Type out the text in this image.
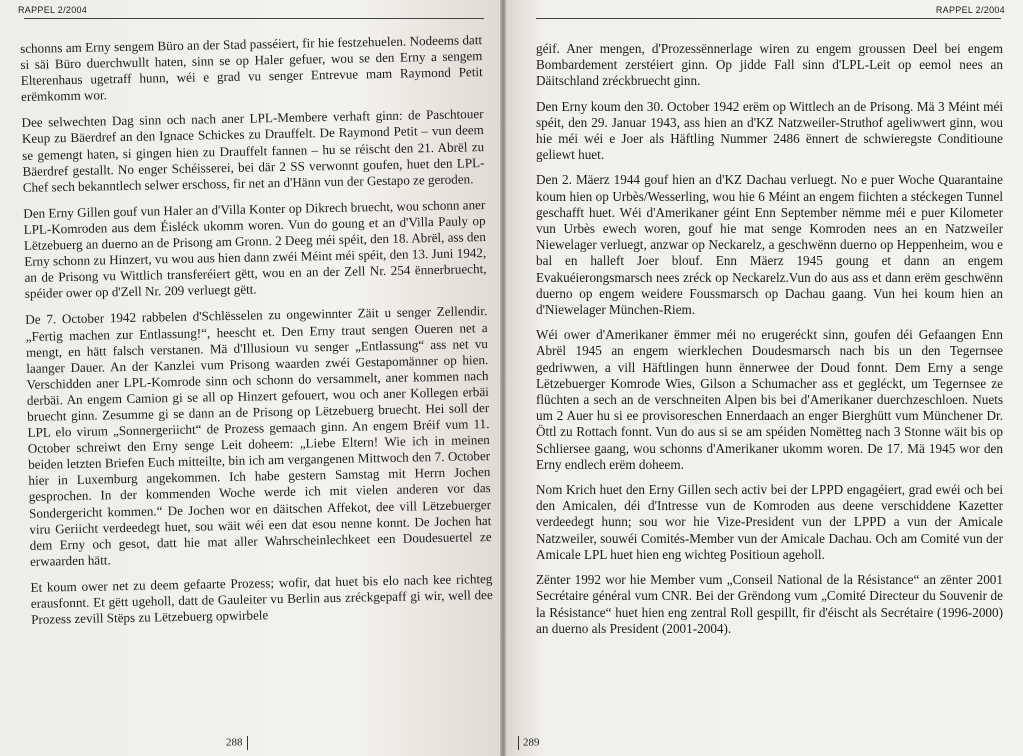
RAPPEL 2/2004

schonns am Erny sengem Büro an der Stad passéiert, fir hie festzehuelen. Nodeems datt si säi Büro duerchwullt haten, sinn se op Haler gefuer, wou se den Erny a sengem Elterenhaus ugetraff hunn, wéi e grad vu senger Entrevue mam Raymond Petit erëmkomm wor.

Dee selwechten Dag sinn och nach aner LPL-Membere verhaft ginn: de Paschtouer Keup zu Bäerdref an den Ignace Schickes zu Drauffelt. De Raymond Petit – vun deem se gemengt haten, si gingen hien zu Drauffelt fannen – hu se réischt den 21. Abrël zu Bäerdref gestallt. No enger Schéisserei, bei där 2 SS verwonnt goufen, huet den LPL-Chef sech bekanntlech selwer erschoss, fir net an d'Hänn vun der Gestapo ze geroden.

Den Erny Gillen gouf vun Haler an d'Villa Konter op Dikrech bruecht, wou schonn aner LPL-Komroden aus dem Éisléck ukomm woren. Vun do goung et an d'Villa Pauly op Lëtzebuerg an duerno an de Prisong am Gronn. 2 Deeg méi spéit, den 18. Abrël, ass den Erny schonn zu Hinzert, vu wou aus hien dann zwéi Méint méi spéit, den 13. Juni 1942, an de Prisong vu Wittlich transferéiert gëtt, wou en an der Zell Nr. 254 ënnerbruecht, spéider ower op d'Zell Nr. 209 verluegt gëtt.

De 7. October 1942 rabbelen d'Schlësselen zu ongewinnter Zäit u senger Zellendir. „Fertig machen zur Entlassung!“, heescht et. Den Erny traut sengen Oueren net a mengt, en hätt falsch verstanen. Mä d'Illusioun vu senger „Entlassung“ ass net vu laanger Dauer. An der Kanzlei vum Prisong waarden zwéi Gestapomänner op hien. Verschidden aner LPL-Komrode sinn och schonn do versammelt, aner kommen nach derbäi. An engem Camion gi se all op Hinzert gefouert, wou och aner Kollegen erbäi bruecht ginn. Zesumme gi se dann an de Prisong op Lëtzebuerg bruecht. Hei soll der LPL elo virum „Sonnergeriicht“ de Prozess gemaach ginn. An engem Bréif vum 11. October schreiwt den Erny senge Leit doheem: „Liebe Eltern! Wie ich in meinen beiden letzten Briefen Euch mitteilte, bin ich am vergangenen Mittwoch den 7. October hier in Luxemburg angekommen. Ich habe gestern Samstag mit Herrn Jochen gesprochen. In der kommenden Woche werde ich mit vielen anderen vor das Sondergericht kommen.“ De Jochen wor en däitschen Affekot, dee vill Lëtzebuerger viru Geriicht verdeedegt huet, sou wäit wéi een dat esou nenne konnt. De Jochen hat dem Erny och gesot, datt hie mat aller Wahrscheinlechkeet een Doudesuertel ze erwaarden hätt.

Et koum ower net zu deem gefaarte Prozess; wofir, dat huet bis elo nach kee richteg erausfonnt. Et gëtt ugeholl, datt de Gauleiter vu Berlin aus zréckgepaff gi wir, well dee Prozess zevill Stëps zu Lëtzebuerg opwirbele

288
RAPPEL 2/2004

géif. Aner mengen, d'Prozessënnerlage wiren zu engem groussen Deel bei engem Bombardement zerstéiert ginn. Op jidde Fall sinn d'LPL-Leit op eemol nees an Däitschland zréckbruecht ginn.

Den Erny koum den 30. October 1942 erëm op Wittlech an de Prisong. Mä 3 Méint méi spéit, den 29. Januar 1943, ass hien an d'KZ Natzweiler-Struthof ageliwwert ginn, wou hie méi wéi e Joer als Häftling Nummer 2486 ënnert de schwieregste Conditioune geliewt huet.

Den 2. Mäerz 1944 gouf hien an d'KZ Dachau verluegt. No e puer Woche Quarantaine koum hien op Urbès/Wesserling, wou hie 6 Méint an engem fiichten a stéckegen Tunnel geschafft huet. Wéi d'Amerikaner géint Enn September nëmme méi e puer Kilometer vun Urbès ewech woren, gouf hie mat senge Komroden nees an en Natzweiler Niewelager verluegt, anzwar op Neckarelz, a geschwënn duerno op Heppenheim, wou e bal en halleft Joer blouf. Enn Mäerz 1945 goung et dann an engem Evakuéierongsmarsch nees zréck op Neckarelz.Vun do aus ass et dann erëm geschwënn duerno op engem weidere Foussmarsch op Dachau gaang. Vun hei koum hien an d'Niewelager München-Riem.

Wéi ower d'Amerikaner ëmmer méi no erugeréckt sinn, goufen déi Gefaangen Enn Abrël 1945 an engem wierklechen Doudesmarsch nach bis un den Tegernsee gedriwwen, a vill Häftlingen hunn ënnerwee der Doud fonnt. Dem Erny a senge Lëtzebuerger Komrode Wies, Gilson a Schumacher ass et gegléckt, um Tegernsee ze flüchten a sech an de verschneiten Alpen bis bei d'Amerikaner duerchzeschloen. Nuets um 2 Auer hu si ee provisoreschen Ennerdaach an enger Bierghütt vum Münchener Dr. Öttl zu Rottach fonnt. Vun do aus si se am spéiden Nomëtteg nach 3 Stonne wäit bis op Schliersee gaang, wou schonns d'Amerikaner ukomm woren. De 17. Mä 1945 wor den Erny endlech erëm doheem.

Nom Krich huet den Erny Gillen sech activ bei der LPPD engagéiert, grad ewéi och bei den Amicalen, déi d'Intresse vun de Komroden aus deene verschiddene Kazetter verdeedegt hunn; sou wor hie Vize-President vun der LPPD a vun der Amicale Natzweiler, souwéi Comités-Member vun der Amicale Dachau. Och am Comité vun der Amicale LPL huet hien eng wichteg Positioun ageholl.

Zënter 1992 wor hie Member vum „Conseil National de la Résistance“ an zënter 2001 Secrétaire général vum CNR. Bei der Grëndong vum „Comité Directeur du Souvenir de la Résistance“ huet hien eng zentral Roll gespillt, fir d'éischt als Secrétaire (1996-2000) an duerno als President (2001-2004).

289
